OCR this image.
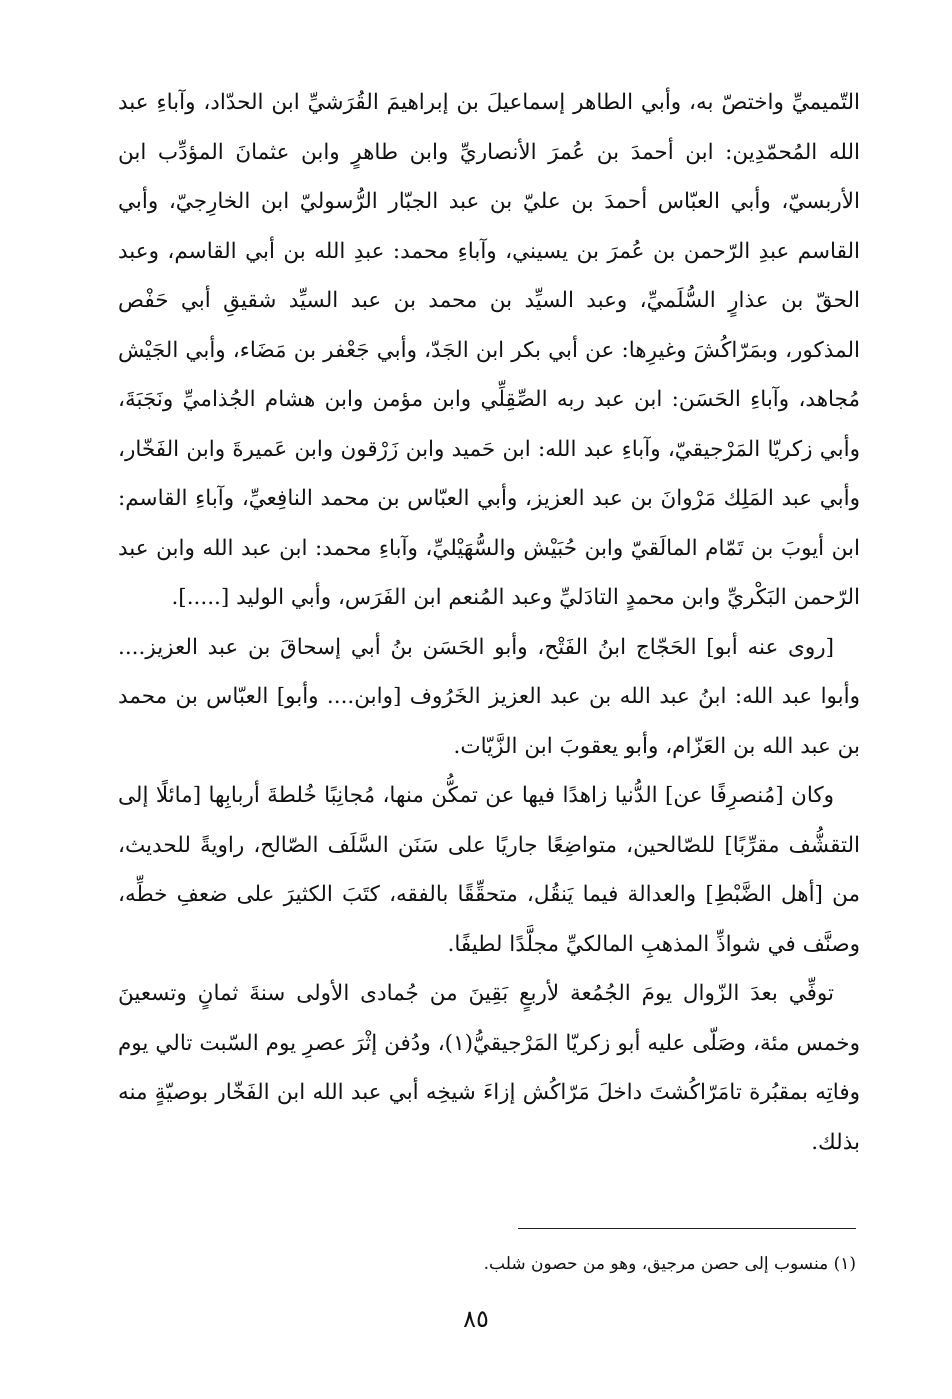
التّميميِّ واختصّ به، وأبي الطاهر إسماعيلَ بن إبراهيمَ القُرَشيِّ ابن الحدّاد، وآباءِ عبد الله المُحمّدِين: ابن أحمدَ بن عُمرَ الأنصاريِّ وابن طاهرٍ وابن عثمانَ المؤدِّب ابن الأربسيّ، وأبي العبّاس أحمدَ بن عليّ بن عبد الجبّار الرُّسوليّ ابن الخارِجيّ، وأبي القاسم عبدِ الرّحمن بن عُمرَ بن يسيني، وآباءِ محمد: عبدِ الله بن أبي القاسم، وعبد الحقّ بن عذارٍ السُّلَميِّ، وعبد السيِّد بن محمد بن عبد السيِّد شقيقِ أبي حَفْص المذكور، وبمَرّاكُشَ وغيرِها: عن أبي بكر ابن الجَدّ، وأبي جَعْفر بن مَضَاء، وأبي الجَيْش مُجاهد، وآباءِ الحَسَن: ابن عبد ربه الصِّقِلِّي وابن مؤمن وابن هشام الجُذاميِّ ونَجَبَةَ، وأبي زكريّا المَرْجيقيّ، وآباءِ عبد الله: ابن حَميد وابن زَرْقون وابن عَميرةَ وابن الفَخّار، وأبي عبد المَلِك مَرْوانَ بن عبد العزيز، وأبي العبّاس بن محمد النافِعيِّ، وآباءِ القاسم: ابن أيوبَ بن تَمّام المالَقيّ وابن حُبَيْش والسُّهَيْليِّ، وآباءِ محمد: ابن عبد الله وابن عبد الرّحمن البَكْريِّ وابن محمدٍ التادَليِّ وعبد المُنعم ابن الفَرَس، وأبي الوليد [.....].

[روى عنه أبو] الحَجّاج ابنُ الفَتْح، وأبو الحَسَن بنُ أبي إسحاقَ بن عبد العزيز.... وأبوا عبد الله: ابنُ عبد الله بن عبد العزيز الخَرُوف [وابن.... وأبو] العبّاس بن محمد بن عبد الله بن العَزّام، وأبو يعقوبَ ابن الزَّيّات.

وكان [مُنصرِفًا عن] الدُّنيا زاهدًا فيها عن تمكُّن منها، مُجانِبًا خُلطةَ أربابِها [مائلًا إلى التقشُّف مقرِّبًا] للصّالحين، متواضِعًا جاريًا على سَنَن السَّلَف الصّالح، راويةً للحديث، من [أهل الضَّبْطِ] والعدالة فيما يَنقُل، متحقِّقًا بالفقه، كتَبَ الكثيرَ على ضعفِ خطِّه، وصنَّف في شواذِّ المذهبِ المالكيِّ مجلَّدًا لطيفًا.

توفِّي بعدَ الزّوال يومَ الجُمُعة لأربعٍ بَقِينَ من جُمادى الأولى سنةَ ثمانٍ وتسعينَ وخمس مئة، وصَلّى عليه أبو زكريّا المَرْجيقيُّ(١)، ودُفن إثْرَ عصرِ يوم السّبت تالي يوم وفاتِه بمقبُرة تامَرّاكُشتَ داخلَ مَرّاكُش إزاءَ شيخِه أبي عبد الله ابن الفَخّار بوصيّةٍ منه بذلك.

(١) منسوب إلى حصن مرجيق، وهو من حصون شلب.

٨٥
